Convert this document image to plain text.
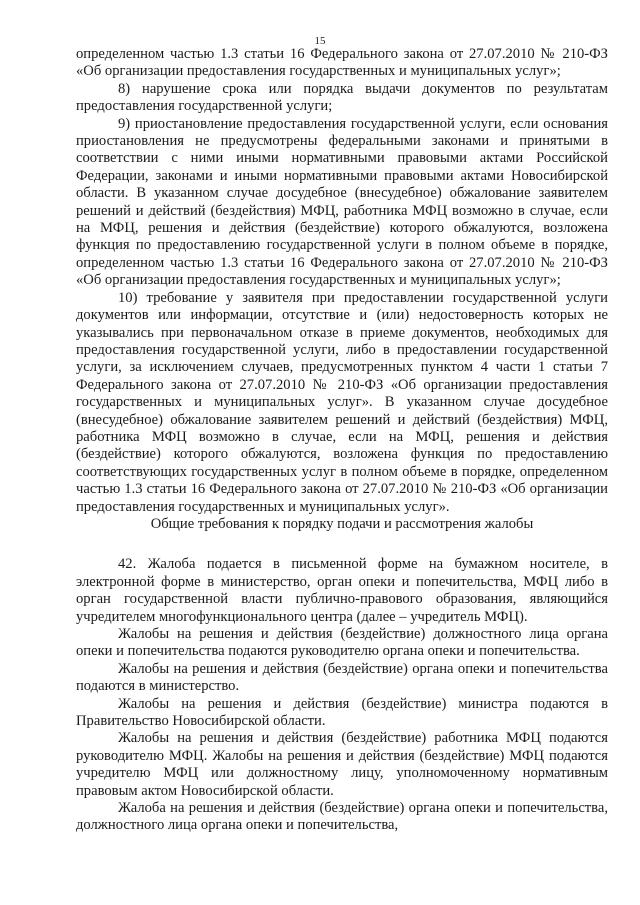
15

определенном частью 1.3 статьи 16 Федерального закона от 27.07.2010 № 210-ФЗ «Об организации предоставления государственных и муниципальных услуг»;

8) нарушение срока или порядка выдачи документов по результатам предоставления государственной услуги;

9) приостановление предоставления государственной услуги, если основания приостановления не предусмотрены федеральными законами и принятыми в соответствии с ними иными нормативными правовыми актами Российской Федерации, законами и иными нормативными правовыми актами Новосибирской области. В указанном случае досудебное (внесудебное) обжалование заявителем решений и действий (бездействия) МФЦ, работника МФЦ возможно в случае, если на МФЦ, решения и действия (бездействие) которого обжалуются, возложена функция по предоставлению государственной услуги в полном объеме в порядке, определенном частью 1.3 статьи 16 Федерального закона от 27.07.2010 № 210-ФЗ «Об организации предоставления государственных и муниципальных услуг»;

10) требование у заявителя при предоставлении государственной услуги документов или информации, отсутствие и (или) недостоверность которых не указывались при первоначальном отказе в приеме документов, необходимых для предоставления государственной услуги, либо в предоставлении государственной услуги, за исключением случаев, предусмотренных пунктом 4 части 1 статьи 7 Федерального закона от 27.07.2010 № 210-ФЗ «Об организации предоставления государственных и муниципальных услуг». В указанном случае досудебное (внесудебное) обжалование заявителем решений и действий (бездействия) МФЦ, работника МФЦ возможно в случае, если на МФЦ, решения и действия (бездействие) которого обжалуются, возложена функция по предоставлению соответствующих государственных услуг в полном объеме в порядке, определенном частью 1.3 статьи 16 Федерального закона от 27.07.2010 № 210-ФЗ «Об организации предоставления государственных и муниципальных услуг».

Общие требования к порядку подачи и рассмотрения жалобы

42. Жалоба подается в письменной форме на бумажном носителе, в электронной форме в министерство, орган опеки и попечительства, МФЦ либо в орган государственной власти публично-правового образования, являющийся учредителем многофункционального центра (далее – учредитель МФЦ).

Жалобы на решения и действия (бездействие) должностного лица органа опеки и попечительства подаются руководителю органа опеки и попечительства.

Жалобы на решения и действия (бездействие) органа опеки и попечительства подаются в министерство.

Жалобы на решения и действия (бездействие) министра подаются в Правительство Новосибирской области.

Жалобы на решения и действия (бездействие) работника МФЦ подаются руководителю МФЦ. Жалобы на решения и действия (бездействие) МФЦ подаются учредителю МФЦ или должностному лицу, уполномоченному нормативным правовым актом Новосибирской области.

Жалоба на решения и действия (бездействие) органа опеки и попечительства, должностного лица органа опеки и попечительства,
